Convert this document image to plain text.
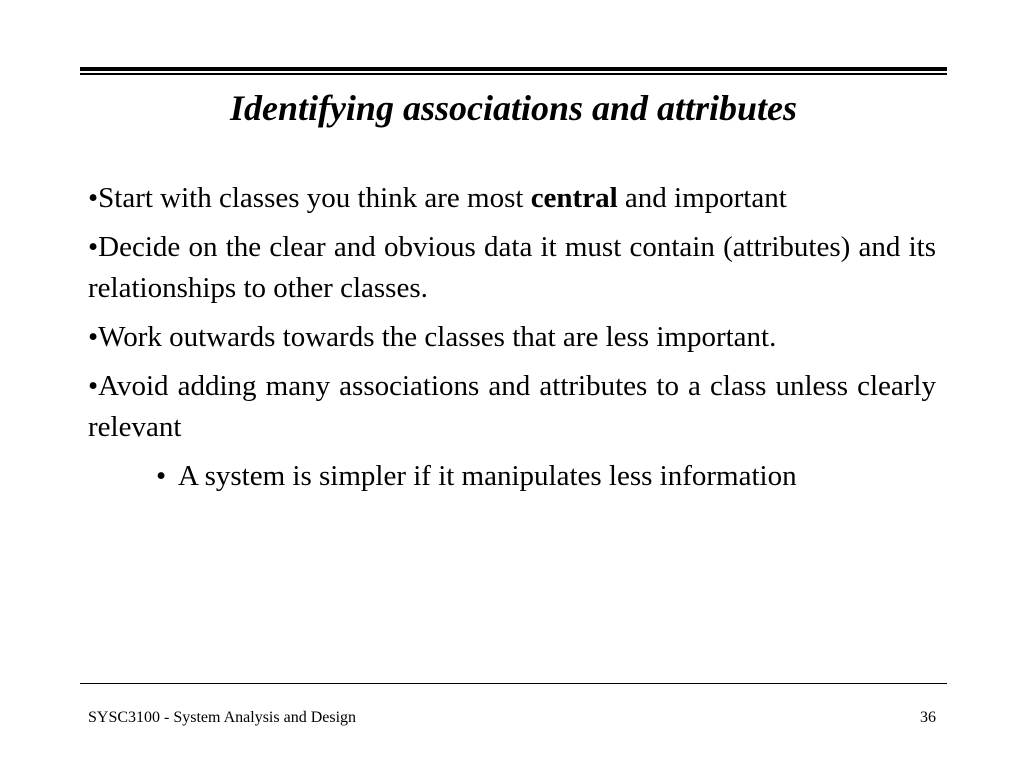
Identifying associations and attributes

•Start with classes you think are most central and important

•Decide on the clear and obvious data it must contain (attributes) and its relationships to other classes.

•Work outwards towards the classes that are less important.

•Avoid adding many associations and attributes to a class unless clearly relevant

• A system is simpler if it manipulates less information

SYSC3100 - System Analysis and Design	36
